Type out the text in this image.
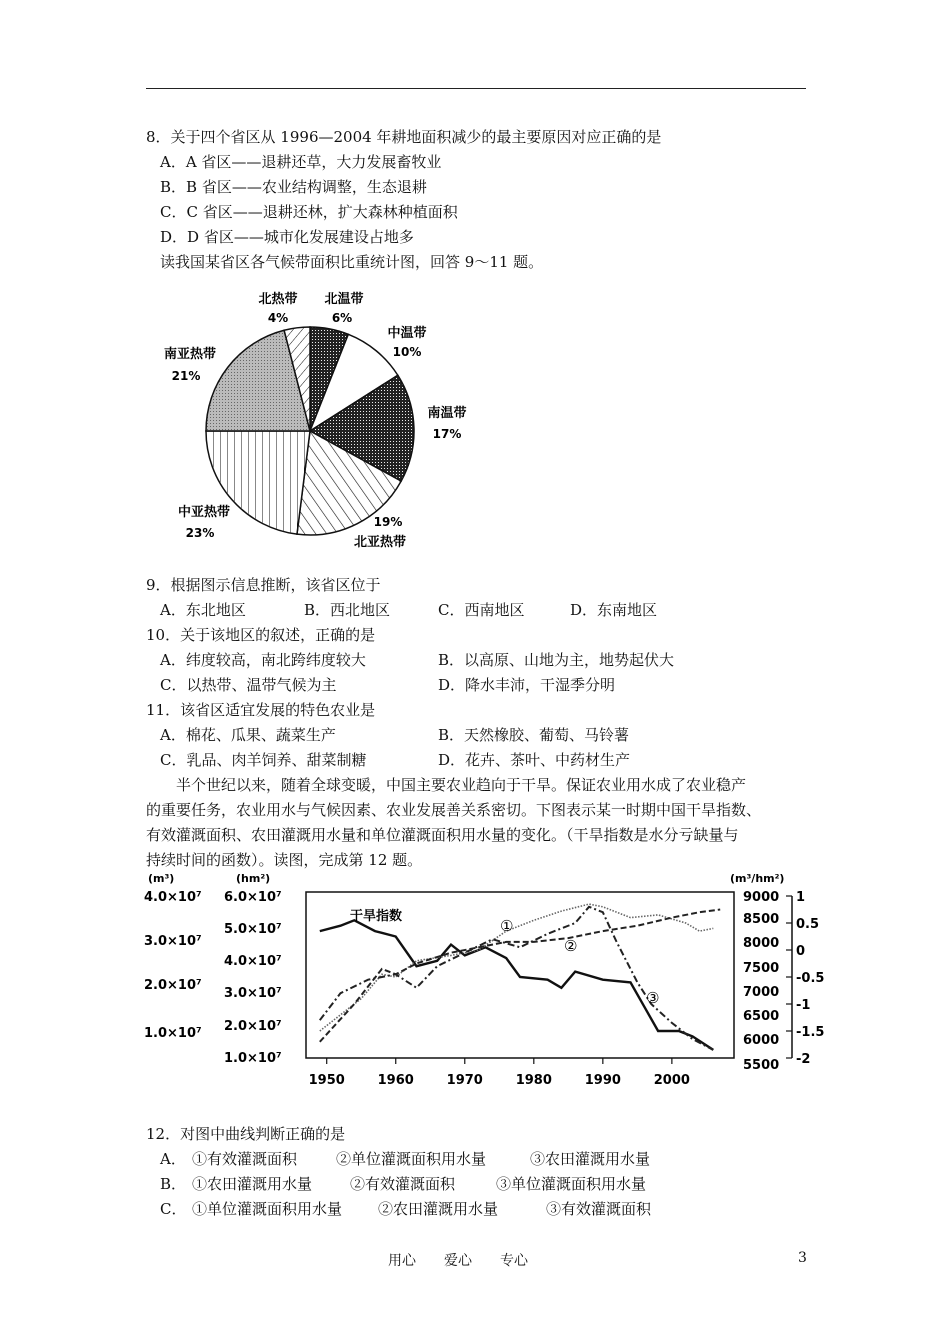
8．关于四个省区从 1996—2004 年耕地面积减少的最主要原因对应正确的是
A．A 省区——退耕还草，大力发展畜牧业
B．B 省区——农业结构调整，生态退耕
C．C 省区——退耕还林，扩大森林种植面积
D．D 省区——城市化发展建设占地多
读我国某省区各气候带面积比重统计图，回答 9～11 题。
北热带
4%
北温带
6%
中温带
10%
南温带
17%
19%
北亚热带
中亚热带
23%
南亚热带
21%
9．根据图示信息推断，该省区位于
A．东北地区	B．西北地区	C．西南地区	D．东南地区
10．关于该地区的叙述，正确的是
A．纬度较高，南北跨纬度较大	B．以高原、山地为主，地势起伏大
C．以热带、温带气候为主	D．降水丰沛，干湿季分明
11．该省区适宜发展的特色农业是
A．棉花、瓜果、蔬菜生产	B．天然橡胶、葡萄、马铃薯
C．乳品、肉羊饲养、甜菜制糖	D．花卉、茶叶、中药材生产
半个世纪以来，随着全球变暖，中国主要农业趋向于干旱。保证农业用水成了农业稳产
的重要任务，农业用水与气候因素、农业发展善关系密切。下图表示某一时期中国干旱指数、
有效灌溉面积、农田灌溉用水量和单位灌溉面积用水量的变化。（干旱指数是水分亏缺量与
持续时间的函数）。读图，完成第 12 题。
(m³)	(hm²)	(m³/hm²)
4.0×10⁷
3.0×10⁷
2.0×10⁷
1.0×10⁷
6.0×10⁷
5.0×10⁷
4.0×10⁷
3.0×10⁷
2.0×10⁷
1.0×10⁷
9000
8500
8000
7500
7000
6500
6000
5500
1
0.5
0
-0.5
-1
-1.5
-2
1950	1960	1970	1980	1990	2000
干旱指数
①
②
③
12．对图中曲线判断正确的是
A． ①有效灌溉面积	②单位灌溉面积用水量	③农田灌溉用水量
B． ①农田灌溉用水量	②有效灌溉面积	③单位灌溉面积用水量
C． ①单位灌溉面积用水量 ②农田灌溉用水量	③有效灌溉面积
用心　　爱心　　专心	3
